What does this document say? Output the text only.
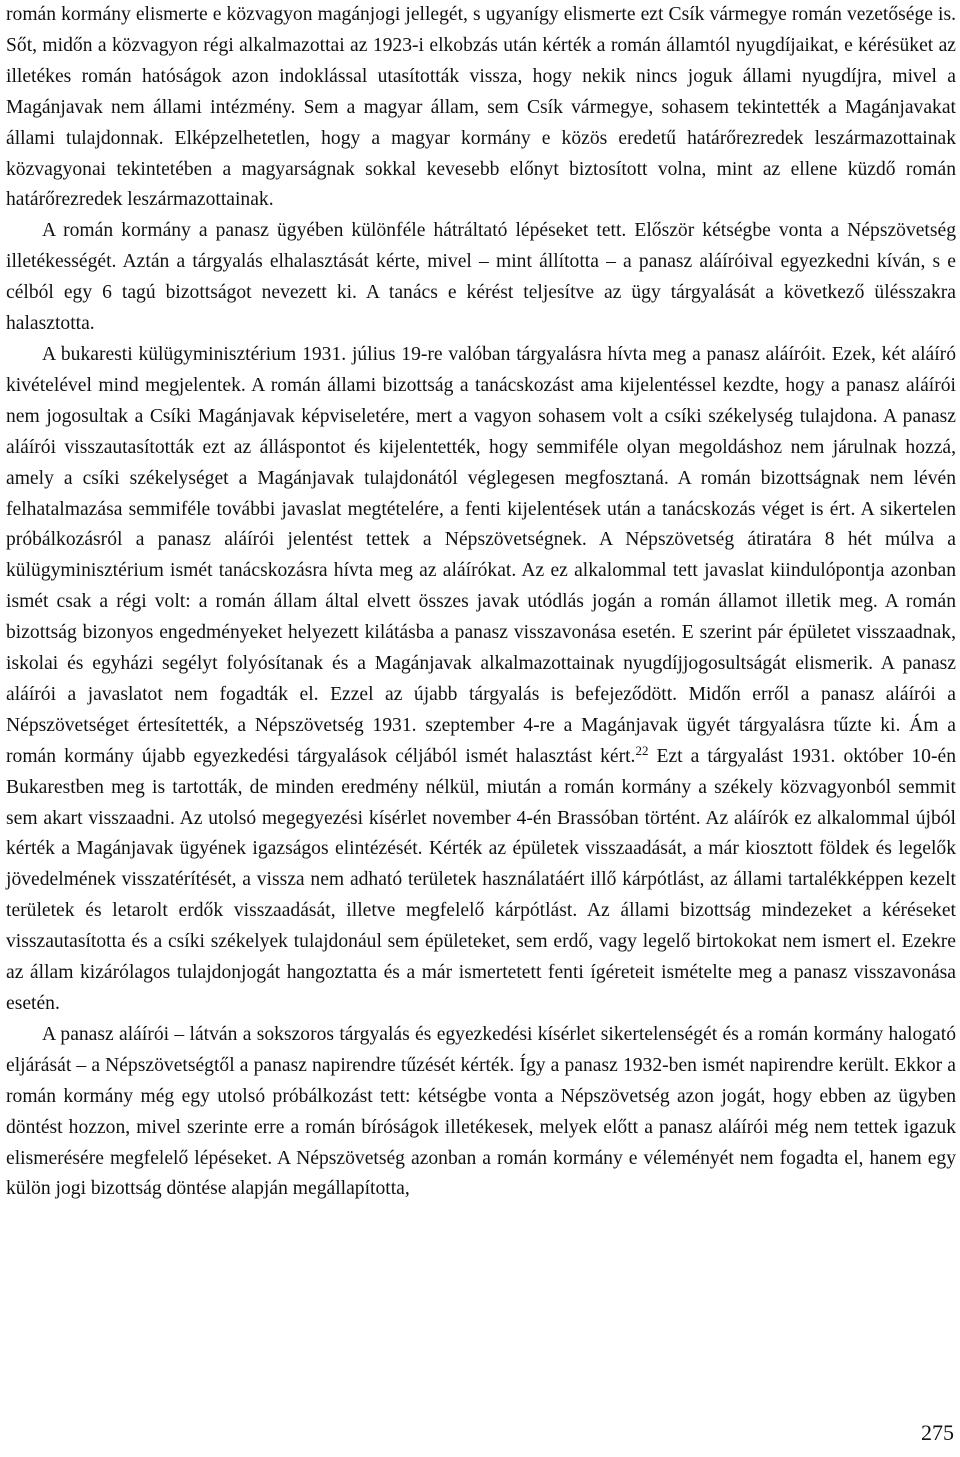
román kormány elismerte e közvagyon magánjogi jellegét, s ugyanígy elismerte ezt Csík vármegye román vezetősége is. Sőt, midőn a közvagyon régi alkalmazottai az 1923-i elkobzás után kérték a román államtól nyugdíjaikat, e kérésüket az illetékes román hatóságok azon indoklással utasították vissza, hogy nekik nincs joguk állami nyugdíjra, mivel a Magánjavak nem állami intézmény. Sem a magyar állam, sem Csík vármegye, sohasem tekintették a Magánjavakat állami tulajdonnak. Elképzelhetetlen, hogy a magyar kormány e közös eredetű határőrezredek leszármazottainak közvagyonai tekintetében a magyarságnak sokkal kevesebb előnyt biztosított volna, mint az ellene küzdő román határőrezredek leszármazottainak.

A román kormány a panasz ügyében különféle hátráltató lépéseket tett. Először kétségbe vonta a Népszövetség illetékességét. Aztán a tárgyalás elhalasztását kérte, mivel – mint állította – a panasz aláíróival egyezkedni kíván, s e célból egy 6 tagú bizottságot nevezett ki. A tanács e kérést teljesítve az ügy tárgyalását a következő ülésszakra halasztotta.

A bukaresti külügyminisztérium 1931. július 19-re valóban tárgyalásra hívta meg a panasz aláíróit. Ezek, két aláíró kivételével mind megjelentek. A román állami bizottság a tanácskozást ama kijelentéssel kezdte, hogy a panasz aláírói nem jogosultak a Csíki Magánjavak képviseletére, mert a vagyon sohasem volt a csíki székelység tulajdona. A panasz aláírói visszautasították ezt az álláspontot és kijelentették, hogy semmiféle olyan megoldáshoz nem járulnak hozzá, amely a csíki székelységet a Magánjavak tulajdonától véglegesen megfosztaná. A román bizottságnak nem lévén felhatalmazása semmiféle további javaslat megtételére, a fenti kijelentések után a tanácskozás véget is ért. A sikertelen próbálkozásról a panasz aláírói jelentést tettek a Népszövetségnek. A Népszövetség átiratára 8 hét múlva a külügyminisztérium ismét tanácskozásra hívta meg az aláírókat. Az ez alkalommal tett javaslat kiindulópontja azonban ismét csak a régi volt: a román állam által elvett összes javak utódlás jogán a román államot illetik meg. A román bizottság bizonyos engedményeket helyezett kilátásba a panasz visszavonása esetén. E szerint pár épületet visszaadnak, iskolai és egyházi segélyt folyósítanak és a Magánjavak alkalmazottainak nyugdíjjogosultságát elismerik. A panasz aláírói a javaslatot nem fogadták el. Ezzel az újabb tárgyalás is befejeződött. Midőn erről a panasz aláírói a Népszövetséget értesítették, a Népszövetség 1931. szeptember 4-re a Magánjavak ügyét tárgyalásra tűzte ki. Ám a román kormány újabb egyezkedési tárgyalások céljából ismét halasztást kért.$^{22}$ Ezt a tárgyalást 1931. október 10-én Bukarestben meg is tartották, de minden eredmény nélkül, miután a román kormány a székely közvagyonból semmit sem akart visszaadni. Az utolsó megegyezési kísérlet november 4-én Brassóban történt. Az aláírók ez alkalommal újból kérték a Magánjavak ügyének igazságos elintézését. Kérték az épületek visszaadását, a már kiosztott földek és legelők jövedelmének visszatérítését, a vissza nem adható területek használatáért illő kárpótlást, az állami tartalékképpen kezelt területek és letarolt erdők visszaadását, illetve megfelelő kárpótlást. Az állami bizottság mindezeket a kéréseket visszautasította és a csíki székelyek tulajdonául sem épületeket, sem erdő, vagy legelő birtokokat nem ismert el. Ezekre az állam kizárólagos tulajdonjogát hangoztatta és a már ismertetett fenti ígéreteit ismételte meg a panasz visszavonása esetén.

A panasz aláírói – látván a sokszoros tárgyalás és egyezkedési kísérlet sikertelenségét és a román kormány halogató eljárását – a Népszövetségtől a panasz napirendre tűzését kérték. Így a panasz 1932-ben ismét napirendre került. Ekkor a román kormány még egy utolsó próbálkozást tett: kétségbe vonta a Népszövetség azon jogát, hogy ebben az ügyben döntést hozzon, mivel szerinte erre a román bíróságok illetékesek, melyek előtt a panasz aláírói még nem tettek igazuk elismerésére megfelelő lépéseket. A Népszövetség azonban a román kormány e véleményét nem fogadta el, hanem egy külön jogi bizottság döntése alapján megállapította,

275
